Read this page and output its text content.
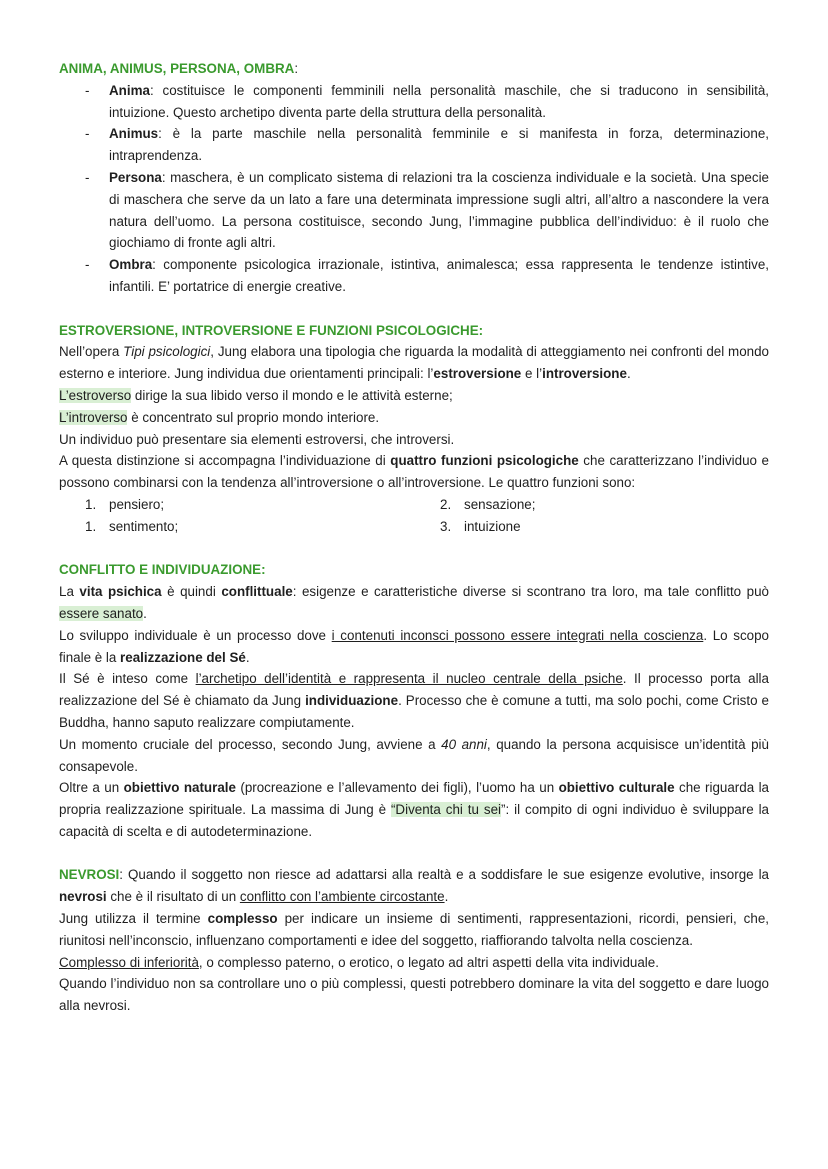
ANIMA, ANIMUS, PERSONA, OMBRA:

- Anima: costituisce le componenti femminili nella personalità maschile, che si traducono in sensibilità, intuizione. Questo archetipo diventa parte della struttura della personalità.
- Animus: è la parte maschile nella personalità femminile e si manifesta in forza, determinazione, intraprendenza.
- Persona: maschera, è un complicato sistema di relazioni tra la coscienza individuale e la società. Una specie di maschera che serve da un lato a fare una determinata impressione sugli altri, all’altro a nascondere la vera natura dell’uomo. La persona costituisce, secondo Jung, l’immagine pubblica dell’individuo: è il ruolo che giochiamo di fronte agli altri.
- Ombra: componente psicologica irrazionale, istintiva, animalesca; essa rappresenta le tendenze istintive, infantili. E’ portatrice di energie creative.

ESTROVERSIONE, INTROVERSIONE E FUNZIONI PSICOLOGICHE:

Nell’opera Tipi psicologici, Jung elabora una tipologia che riguarda la modalità di atteggiamento nei confronti del mondo esterno e interiore. Jung individua due orientamenti principali: l’estroversione e l’introversione.

L’estroverso dirige la sua libido verso il mondo e le attività esterne;

L’introverso è concentrato sul proprio mondo interiore.

Un individuo può presentare sia elementi estroversi, che introversi.

A questa distinzione si accompagna l’individuazione di quattro funzioni psicologiche che caratterizzano l’individuo e possono combinarsi con la tendenza all’introversione o all’introversione. Le quattro funzioni sono:

1. pensiero;
1. sentimento;
2. sensazione;
3. intuizione

CONFLITTO E INDIVIDUAZIONE:

La vita psichica è quindi conflittuale: esigenze e caratteristiche diverse si scontrano tra loro, ma tale conflitto può essere sanato.

Lo sviluppo individuale è un processo dove i contenuti inconsci possono essere integrati nella coscienza. Lo scopo finale è la realizzazione del Sé.

Il Sé è inteso come l’archetipo dell’identità e rappresenta il nucleo centrale della psiche. Il processo porta alla realizzazione del Sé è chiamato da Jung individuazione. Processo che è comune a tutti, ma solo pochi, come Cristo e Buddha, hanno saputo realizzare compiutamente.

Un momento cruciale del processo, secondo Jung, avviene a 40 anni, quando la persona acquisisce un’identità più consapevole.

Oltre a un obiettivo naturale (procreazione e l’allevamento dei figli), l’uomo ha un obiettivo culturale che riguarda la propria realizzazione spirituale. La massima di Jung è “Diventa chi tu sei”: il compito di ogni individuo è sviluppare la capacità di scelta e di autodeterminazione.

NEVROSI: Quando il soggetto non riesce ad adattarsi alla realtà e a soddisfare le sue esigenze evolutive, insorge la nevrosi che è il risultato di un conflitto con l’ambiente circostante.

Jung utilizza il termine complesso per indicare un insieme di sentimenti, rappresentazioni, ricordi, pensieri, che, riunitosi nell’inconscio, influenzano comportamenti e idee del soggetto, riaffiorando talvolta nella coscienza.

Complesso di inferiorità, o complesso paterno, o erotico, o legato ad altri aspetti della vita individuale.

Quando l’individuo non sa controllare uno o più complessi, questi potrebbero dominare la vita del soggetto e dare luogo alla nevrosi.
